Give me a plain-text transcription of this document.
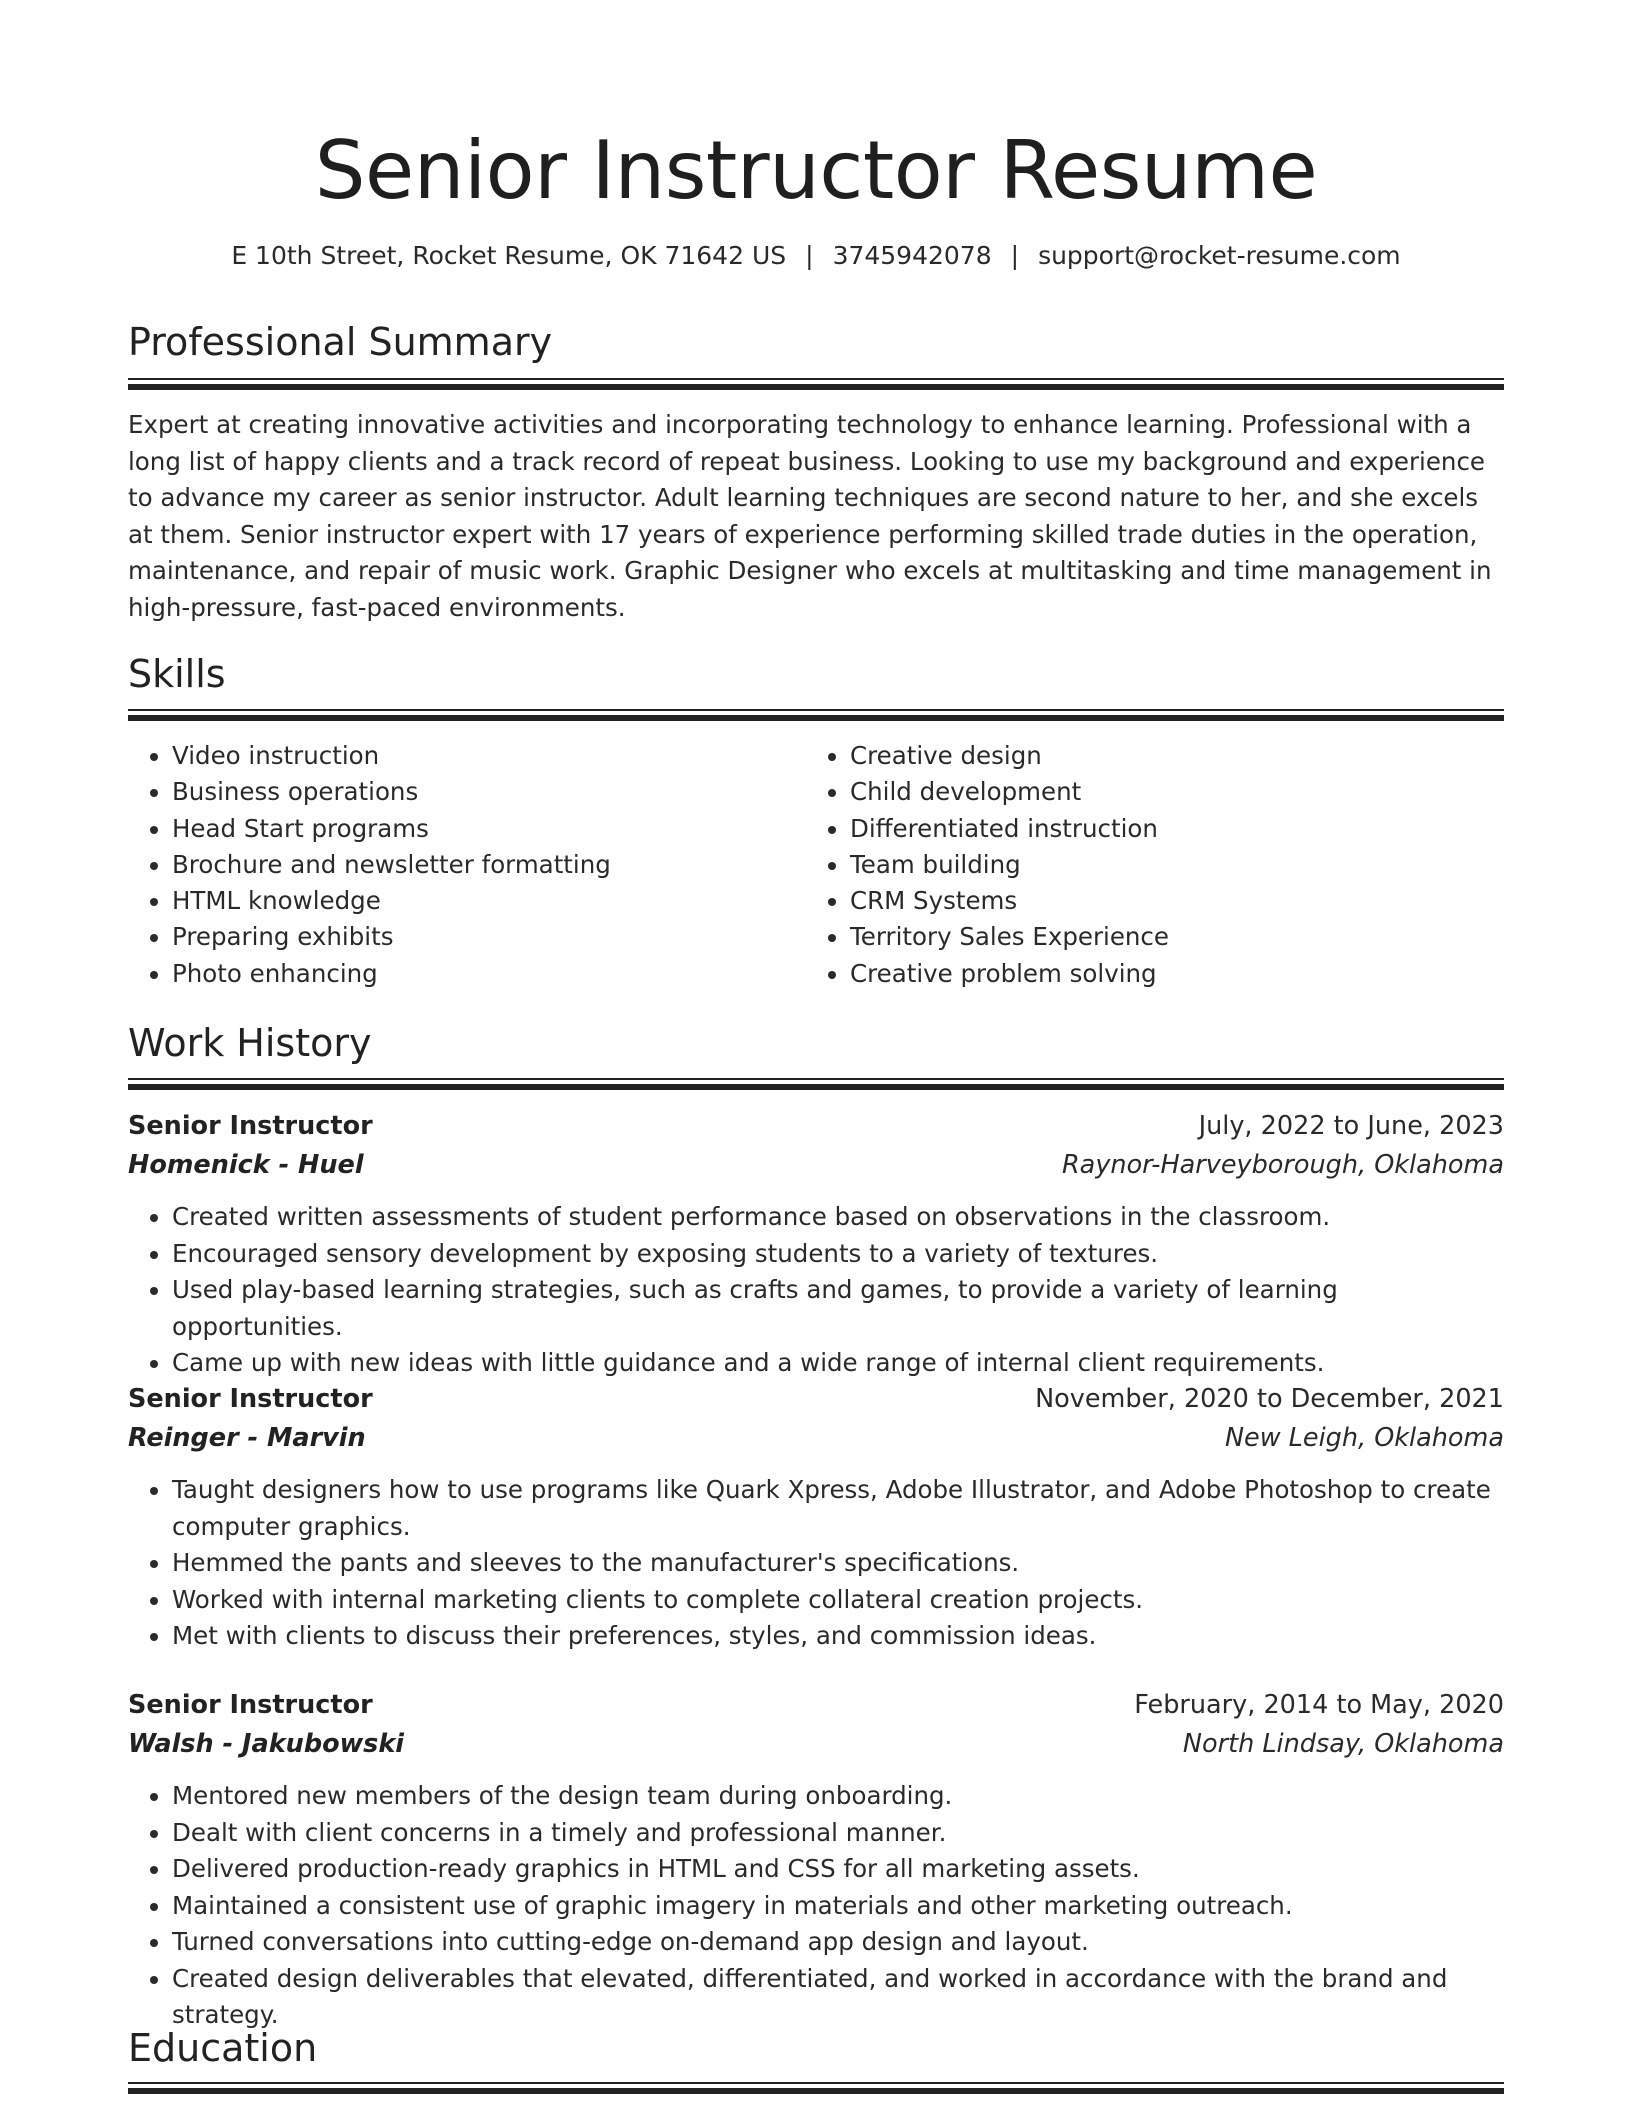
Senior Instructor Resume
E 10th Street, Rocket Resume, OK 71642 US | 3745942078 | support@rocket-resume.com
Professional Summary

Expert at creating innovative activities and incorporating technology to enhance learning. Professional with a long list of happy clients and a track record of repeat business. Looking to use my background and experience to advance my career as senior instructor. Adult learning techniques are second nature to her, and she excels at them. Senior instructor expert with 17 years of experience performing skilled trade duties in the operation, maintenance, and repair of music work. Graphic Designer who excels at multitasking and time management in high-pressure, fast-paced environments.

Skills
• Video instruction
• Business operations
• Head Start programs
• Brochure and newsletter formatting
• HTML knowledge
• Preparing exhibits
• Photo enhancing
• Creative design
• Child development
• Differentiated instruction
• Team building
• CRM Systems
• Territory Sales Experience
• Creative problem solving
Work History
Senior Instructor	July, 2022 to June, 2023
Homenick - Huel	Raynor-Harveyborough, Oklahoma
• Created written assessments of student performance based on observations in the classroom.
• Encouraged sensory development by exposing students to a variety of textures.
• Used play-based learning strategies, such as crafts and games, to provide a variety of learning opportunities.
• Came up with new ideas with little guidance and a wide range of internal client requirements.
Senior Instructor	November, 2020 to December, 2021
Reinger - Marvin	New Leigh, Oklahoma
• Taught designers how to use programs like Quark Xpress, Adobe Illustrator, and Adobe Photoshop to create computer graphics.
• Hemmed the pants and sleeves to the manufacturer's specifications.
• Worked with internal marketing clients to complete collateral creation projects.
• Met with clients to discuss their preferences, styles, and commission ideas.
Senior Instructor	February, 2014 to May, 2020
Walsh - Jakubowski	North Lindsay, Oklahoma
• Mentored new members of the design team during onboarding.
• Dealt with client concerns in a timely and professional manner.
• Delivered production-ready graphics in HTML and CSS for all marketing assets.
• Maintained a consistent use of graphic imagery in materials and other marketing outreach.
• Turned conversations into cutting-edge on-demand app design and layout.
• Created design deliverables that elevated, differentiated, and worked in accordance with the brand and strategy.
Education
